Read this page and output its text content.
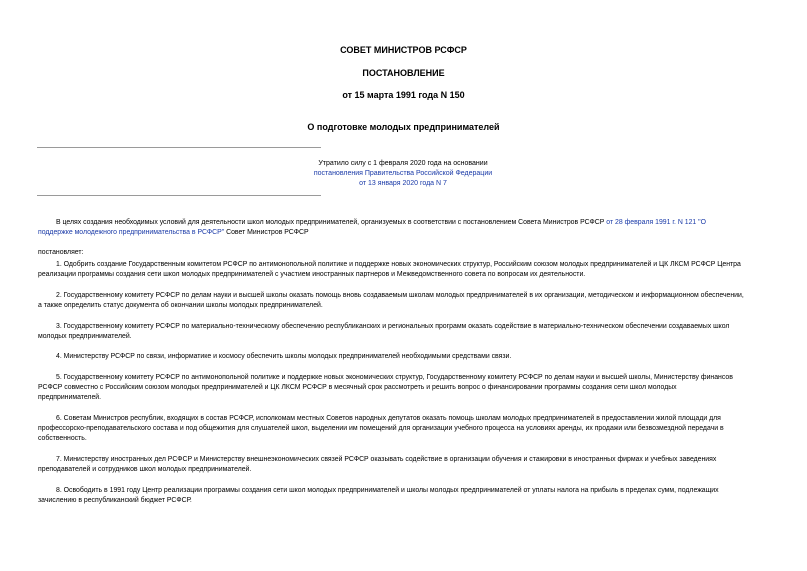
СОВЕТ МИНИСТРОВ РСФСР
ПОСТАНОВЛЕНИЕ
от 15 марта 1991 года N 150
О подготовке молодых предпринимателей
Утратило силу с 1 февраля 2020 года на основании
постановления Правительства Российской Федерации
от 13 января 2020 года N 7
В целях создания необходимых условий для деятельности школ молодых предпринимателей, организуемых в соответствии с постановлением Совета Министров РСФСР от 28 февраля 1991 г. N 121 "О
поддержке молодежного предпринимательства в РСФСР" Совет Министров РСФСР
постановляет:
1. Одобрить создание Государственным комитетом РСФСР по антимонопольной политике и поддержке новых экономических структур, Российским союзом молодых предпринимателей и ЦК ЛКСМ РСФСР Центра
реализации программы создания сети школ молодых предпринимателей с участием иностранных партнеров и Межведомственного совета по вопросам их деятельности.
2. Государственному комитету РСФСР по делам науки и высшей школы оказать помощь вновь создаваемым школам молодых предпринимателей в их организации, методическом и информационном обеспечении,
а также определить статус документа об окончании школы молодых предпринимателей.
3. Государственному комитету РСФСР по материально-техническому обеспечению республиканских и региональных программ оказать содействие в материально-техническом обеспечении создаваемых школ
молодых предпринимателей.
4. Министерству РСФСР по связи, информатике и космосу обеспечить школы молодых предпринимателей необходимыми средствами связи.
5. Государственному комитету РСФСР по антимонопольной политике и поддержке новых экономических структур, Государственному комитету РСФСР по делам науки и высшей школы, Министерству финансов
РСФСР совместно с Российским союзом молодых предпринимателей и ЦК ЛКСМ РСФСР в месячный срок рассмотреть и решить вопрос о финансировании программы создания сети школ молодых
предпринимателей.
6. Советам Министров республик, входящих в состав РСФСР, исполкомам местных Советов народных депутатов оказать помощь школам молодых предпринимателей в предоставлении жилой площади для
профессорско-преподавательского состава и под общежития для слушателей школ, выделении им помещений для организации учебного процесса на условиях аренды, их продажи или безвозмездной передачи в
собственность.
7. Министерству иностранных дел РСФСР и Министерству внешнеэкономических связей РСФСР оказывать содействие в организации обучения и стажировки в иностранных фирмах и учебных заведениях
преподавателей и сотрудников школ молодых предпринимателей.
8. Освободить в 1991 году Центр реализации программы создания сети школ молодых предпринимателей и школы молодых предпринимателей от уплаты налога на прибыль в пределах сумм, подлежащих
зачислению в республиканский бюджет РСФСР.
